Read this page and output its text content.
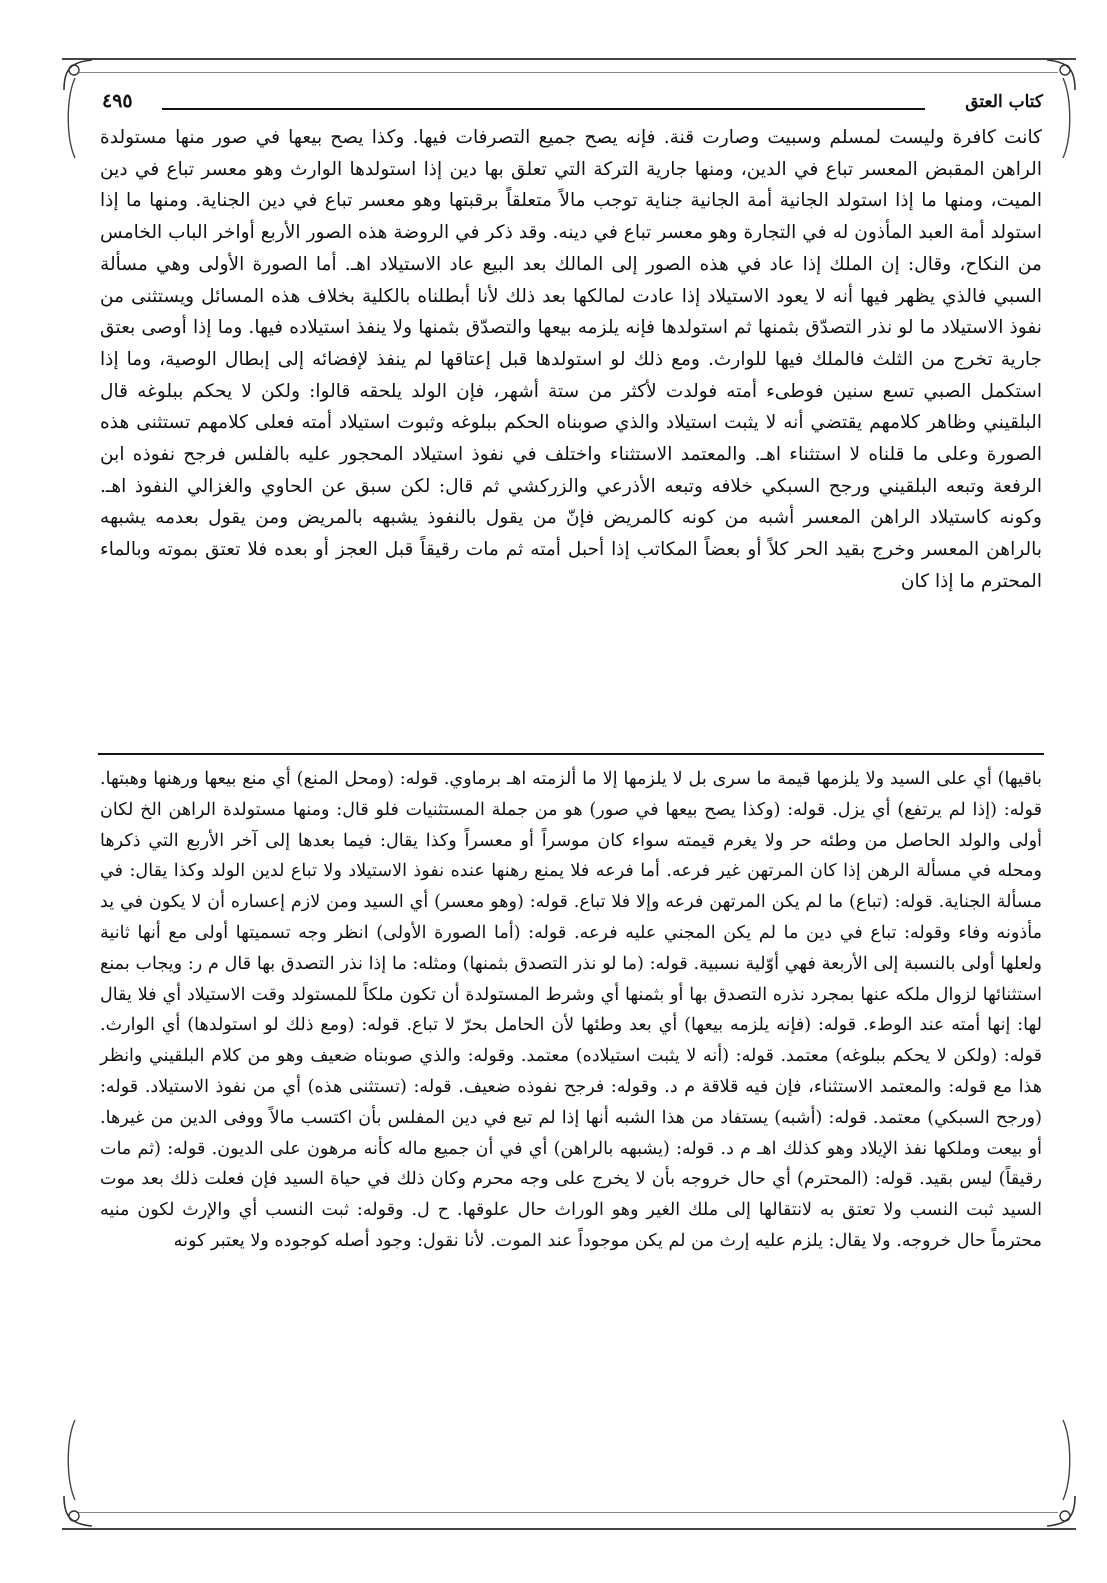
كتاب العتق
٤٩٥

كانت كافرة وليست لمسلم وسبيت وصارت قنة. فإنه يصح جميع التصرفات فيها. وكذا يصح بيعها في صور منها مستولدة الراهن المقبض المعسر تباع في الدين، ومنها جارية التركة التي تعلق بها دين إذا استولدها الوارث وهو معسر تباع في دين الميت، ومنها ما إذا استولد الجانية أمة الجانية جناية توجب مالاً متعلقاً برقبتها وهو معسر تباع في دين الجناية. ومنها ما إذا استولد أمة العبد المأذون له في التجارة وهو معسر تباع في دينه. وقد ذكر في الروضة هذه الصور الأربع أواخر الباب الخامس من النكاح، وقال: إن الملك إذا عاد في هذه الصور إلى المالك بعد البيع عاد الاستيلاد اهـ. أما الصورة الأولى وهي مسألة السبي فالذي يظهر فيها أنه لا يعود الاستيلاد إذا عادت لمالكها بعد ذلك لأنا أبطلناه بالكلية بخلاف هذه المسائل ويستثنى من نفوذ الاستيلاد ما لو نذر التصدّق بثمنها ثم استولدها فإنه يلزمه بيعها والتصدّق بثمنها ولا ينفذ استيلاده فيها. وما إذا أوصى بعتق جارية تخرج من الثلث فالملك فيها للوارث. ومع ذلك لو استولدها قبل إعتاقها لم ينفذ لإفضائه إلى إبطال الوصية، وما إذا استكمل الصبي تسع سنين فوطىء أمته فولدت لأكثر من ستة أشهر، فإن الولد يلحقه قالوا: ولكن لا يحكم ببلوغه قال البلقيني وظاهر كلامهم يقتضي أنه لا يثبت استيلاد والذي صوبناه الحكم ببلوغه وثبوت استيلاد أمته فعلى كلامهم تستثنى هذه الصورة وعلى ما قلناه لا استثناء اهـ. والمعتمد الاستثناء واختلف في نفوذ استيلاد المحجور عليه بالفلس فرجح نفوذه ابن الرفعة وتبعه البلقيني ورجح السبكي خلافه وتبعه الأذرعي والزركشي ثم قال: لكن سبق عن الحاوي والغزالي النفوذ اهـ. وكونه كاستيلاد الراهن المعسر أشبه من كونه كالمريض فإنّ من يقول بالنفوذ يشبهه بالمريض ومن يقول بعدمه يشبهه بالراهن المعسر وخرج بقيد الحر كلاً أو بعضاً المكاتب إذا أحبل أمته ثم مات رقيقاً قبل العجز أو بعده فلا تعتق بموته وبالماء المحترم ما إذا كان

باقيها) أي على السيد ولا يلزمها قيمة ما سرى بل لا يلزمها إلا ما ألزمته اهـ برماوي. قوله: (ومحل المنع) أي منع بيعها ورهنها وهبتها. قوله: (إذا لم يرتفع) أي يزل. قوله: (وكذا يصح بيعها في صور) هو من جملة المستثنيات فلو قال: ومنها مستولدة الراهن الخ لكان أولى والولد الحاصل من وطئه حر ولا يغرم قيمته سواء كان موسراً أو معسراً وكذا يقال: فيما بعدها إلى آخر الأربع التي ذكرها ومحله في مسألة الرهن إذا كان المرتهن غير فرعه. أما فرعه فلا يمنع رهنها عنده نفوذ الاستيلاد ولا تباع لدين الولد وكذا يقال: في مسألة الجناية. قوله: (تباع) ما لم يكن المرتهن فرعه وإلا فلا تباع. قوله: (وهو معسر) أي السيد ومن لازم إعساره أن لا يكون في يد مأذونه وفاء وقوله: تباع في دين ما لم يكن المجني عليه فرعه. قوله: (أما الصورة الأولى) انظر وجه تسميتها أولى مع أنها ثانية ولعلها أولى بالنسبة إلى الأربعة فهي أوّلية نسبية. قوله: (ما لو نذر التصدق بثمنها) ومثله: ما إذا نذر التصدق بها قال م ر: ويجاب بمنع استثنائها لزوال ملكه عنها بمجرد نذره التصدق بها أو بثمنها أي وشرط المستولدة أن تكون ملكاً للمستولد وقت الاستيلاد أي فلا يقال لها: إنها أمته عند الوطء. قوله: (فإنه يلزمه بيعها) أي بعد وطئها لأن الحامل بحرّ لا تباع. قوله: (ومع ذلك لو استولدها) أي الوارث. قوله: (ولكن لا يحكم ببلوغه) معتمد. قوله: (أنه لا يثبت استيلاده) معتمد. وقوله: والذي صوبناه ضعيف وهو من كلام البلقيني وانظر هذا مع قوله: والمعتمد الاستثناء، فإن فيه قلاقة م د. وقوله: فرجح نفوذه ضعيف. قوله: (تستثنى هذه) أي من نفوذ الاستيلاد. قوله: (ورجح السبكي) معتمد. قوله: (أشبه) يستفاد من هذا الشبه أنها إذا لم تبع في دين المفلس بأن اكتسب مالاً ووفى الدين من غيرها. أو بيعت وملكها نفذ الإيلاد وهو كذلك اهـ م د. قوله: (يشبهه بالراهن) أي في أن جميع ماله كأنه مرهون على الديون. قوله: (ثم مات رقيقاً) ليس بقيد. قوله: (المحترم) أي حال خروجه بأن لا يخرج على وجه محرم وكان ذلك في حياة السيد فإن فعلت ذلك بعد موت السيد ثبت النسب ولا تعتق به لانتقالها إلى ملك الغير وهو الوراث حال علوقها. ح ل. وقوله: ثبت النسب أي والإرث لكون منيه محترماً حال خروجه. ولا يقال: يلزم عليه إرث من لم يكن موجوداً عند الموت. لأنا نقول: وجود أصله كوجوده ولا يعتبر كونه
